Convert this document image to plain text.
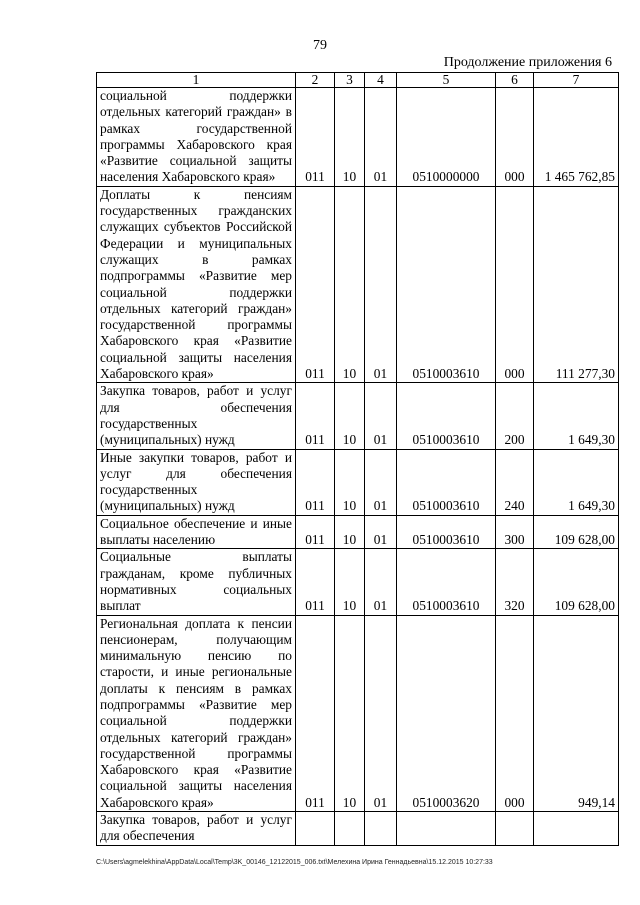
79
Продолжение приложения 6
1	2	3	4	5	6	7
социальной поддержки отдельных категорий граждан» в рамках государственной программы Хабаровского края «Развитие социальной защиты населения Хабаровского края»	011	10	01	0510000000	000	1 465 762,85
Доплаты к пенсиям государственных гражданских служащих субъектов Российской Федерации и муниципальных служащих в рамках подпрограммы «Развитие мер социальной поддержки отдельных категорий граждан» государственной программы Хабаровского края «Развитие социальной защиты населения Хабаровского края»	011	10	01	0510003610	000	111 277,30
Закупка товаров, работ и услуг для обеспечения государственных (муниципальных) нужд	011	10	01	0510003610	200	1 649,30
Иные закупки товаров, работ и услуг для обеспечения государственных (муниципальных) нужд	011	10	01	0510003610	240	1 649,30
Социальное обеспечение и иные выплаты населению	011	10	01	0510003610	300	109 628,00
Социальные выплаты гражданам, кроме публичных нормативных социальных выплат	011	10	01	0510003610	320	109 628,00
Региональная доплата к пенсии пенсионерам, получающим минимальную пенсию по старости, и иные региональные доплаты к пенсиям в рамках подпрограммы «Развитие мер социальной поддержки отдельных категорий граждан» государственной программы Хабаровского края «Развитие социальной защиты населения Хабаровского края»	011	10	01	0510003620	000	949,14
Закупка товаров, работ и услуг для обеспечения						
C:\Users\agmelekhina\AppData\Local\Temp\3K_00146_12122015_006.txt\Мелехина Ирина Геннадьевна\15.12.2015 10:27:33
